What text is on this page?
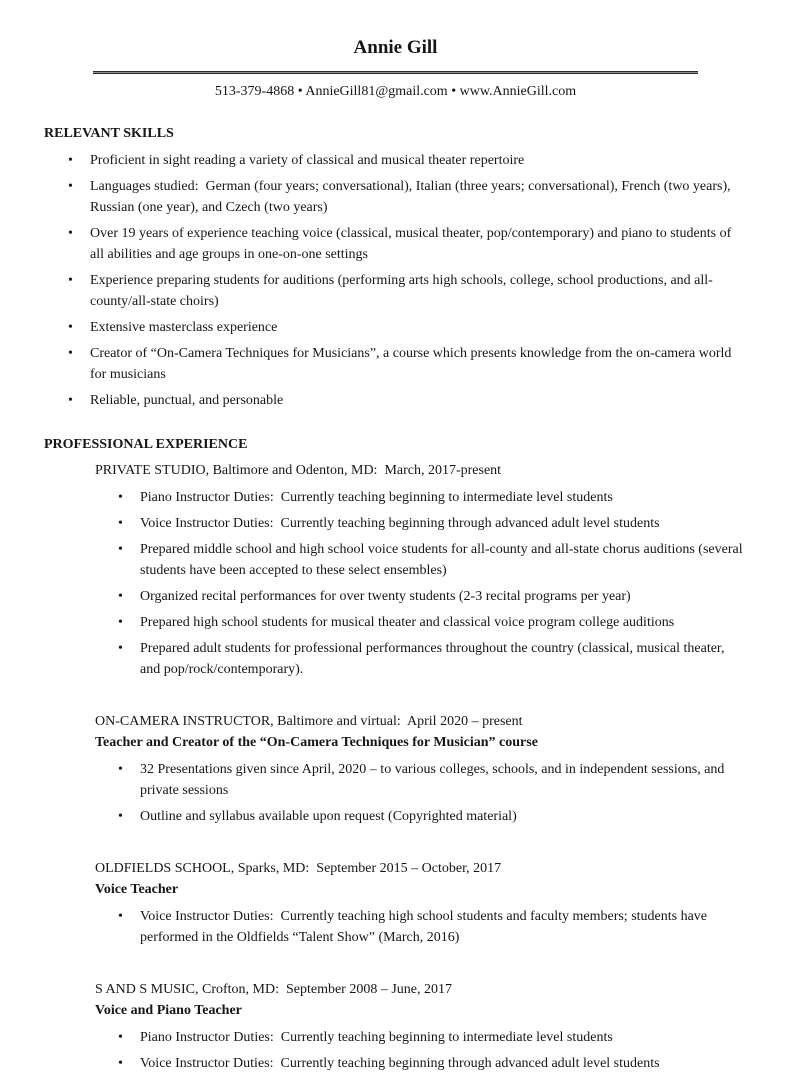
Annie Gill
513-379-4868 • AnnieGill81@gmail.com • www.AnnieGill.com
RELEVANT SKILLS
•	Proficient in sight reading a variety of classical and musical theater repertoire
•	Languages studied:  German (four years; conversational), Italian (three years; conversational), French (two years), Russian (one year), and Czech (two years)
•	Over 19 years of experience teaching voice (classical, musical theater, pop/contemporary) and piano to students of all abilities and age groups in one-on-one settings
•	Experience preparing students for auditions (performing arts high schools, college, school productions, and all-county/all-state choirs)
•	Extensive masterclass experience
•	Creator of “On-Camera Techniques for Musicians”, a course which presents knowledge from the on-camera world for musicians
•	Reliable, punctual, and personable
PROFESSIONAL EXPERIENCE
PRIVATE STUDIO, Baltimore and Odenton, MD:  March, 2017-present
•	Piano Instructor Duties:  Currently teaching beginning to intermediate level students
•	Voice Instructor Duties:  Currently teaching beginning through advanced adult level students
•	Prepared middle school and high school voice students for all-county and all-state chorus auditions (several students have been accepted to these select ensembles)
•	Organized recital performances for over twenty students (2-3 recital programs per year)
•	Prepared high school students for musical theater and classical voice program college auditions
•	Prepared adult students for professional performances throughout the country (classical, musical theater, and pop/rock/contemporary).
ON-CAMERA INSTRUCTOR, Baltimore and virtual:  April 2020 – present
Teacher and Creator of the “On-Camera Techniques for Musician” course
•	32 Presentations given since April, 2020 – to various colleges, schools, and in independent sessions, and private sessions
•	Outline and syllabus available upon request (Copyrighted material)
OLDFIELDS SCHOOL, Sparks, MD:  September 2015 – October, 2017
Voice Teacher
•	Voice Instructor Duties:  Currently teaching high school students and faculty members; students have performed in the Oldfields “Talent Show” (March, 2016)
S AND S MUSIC, Crofton, MD:  September 2008 – June, 2017
Voice and Piano Teacher
•	Piano Instructor Duties:  Currently teaching beginning to intermediate level students
•	Voice Instructor Duties:  Currently teaching beginning through advanced adult level students
